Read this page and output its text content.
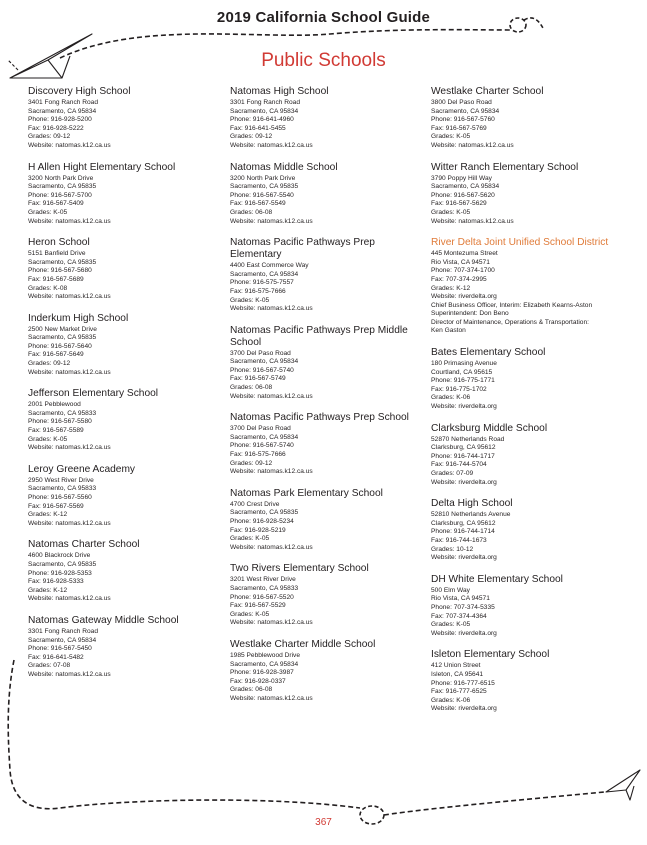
2019 California School Guide
Public Schools
Discovery High School
3401 Fong Ranch Road
Sacramento, CA 95834
Phone: 916-928-5200
Fax: 916-928-5222
Grades: 09-12
Website: natomas.k12.ca.us
H Allen Hight Elementary School
3200 North Park Drive
Sacramento, CA 95835
Phone: 916-567-5700
Fax: 916-567-5409
Grades: K-05
Website: natomas.k12.ca.us
Heron School
5151 Banfield Drive
Sacramento, CA 95835
Phone: 916-567-5680
Fax: 916-567-5689
Grades: K-08
Website: natomas.k12.ca.us
Inderkum High School
2500 New Market Drive
Sacramento, CA 95835
Phone: 916-567-5640
Fax: 916-567-5649
Grades: 09-12
Website: natomas.k12.ca.us
Jefferson Elementary School
2001 Pebblewood
Sacramento, CA 95833
Phone: 916-567-5580
Fax: 916-567-5589
Grades: K-05
Website: natomas.k12.ca.us
Leroy Greene Academy
2950 West River Drive
Sacramento, CA 95833
Phone: 916-567-5560
Fax: 916-567-5569
Grades: K-12
Website: natomas.k12.ca.us
Natomas Charter School
4600 Blackrock Drive
Sacramento, CA 95835
Phone: 916-928-5353
Fax: 916-928-5333
Grades: K-12
Website: natomas.k12.ca.us
Natomas Gateway Middle School
3301 Fong Ranch Road
Sacramento, CA 95834
Phone: 916-567-5450
Fax: 916-641-5482
Grades: 07-08
Website: natomas.k12.ca.us
Natomas High School
3301 Fong Ranch Road
Sacramento, CA 95834
Phone: 916-641-4960
Fax: 916-641-5455
Grades: 09-12
Website: natomas.k12.ca.us
Natomas Middle School
3200 North Park Drive
Sacramento, CA 95835
Phone: 916-567-5540
Fax: 916-567-5549
Grades: 06-08
Website: natomas.k12.ca.us
Natomas Pacific Pathways Prep Elementary
4400 East Commerce Way
Sacramento, CA 95834
Phone: 916-575-7557
Fax: 916-575-7666
Grades: K-05
Website: natomas.k12.ca.us
Natomas Pacific Pathways Prep Middle School
3700 Del Paso Road
Sacramento, CA 95834
Phone: 916-567-5740
Fax: 916-567-5749
Grades: 06-08
Website: natomas.k12.ca.us
Natomas Pacific Pathways Prep School
3700 Del Paso Road
Sacramento, CA 95834
Phone: 916-567-5740
Fax: 916-575-7666
Grades: 09-12
Website: natomas.k12.ca.us
Natomas Park Elementary School
4700 Crest Drive
Sacramento, CA 95835
Phone: 916-928-5234
Fax: 916-928-5219
Grades: K-05
Website: natomas.k12.ca.us
Two Rivers Elementary School
3201 West River Drive
Sacramento, CA 95833
Phone: 916-567-5520
Fax: 916-567-5529
Grades: K-05
Website: natomas.k12.ca.us
Westlake Charter Middle School
1985 Pebblewood Drive
Sacramento, CA 95834
Phone: 916-928-3987
Fax: 916-928-0337
Grades: 06-08
Website: natomas.k12.ca.us
Westlake Charter School
3800 Del Paso Road
Sacramento, CA 95834
Phone: 916-567-5760
Fax: 916-567-5769
Grades: K-05
Website: natomas.k12.ca.us
Witter Ranch Elementary School
3790 Poppy Hill Way
Sacramento, CA 95834
Phone: 916-567-5620
Fax: 916-567-5629
Grades: K-05
Website: natomas.k12.ca.us
River Delta Joint Unified School District
445 Montezuma Street
Rio Vista, CA 94571
Phone: 707-374-1700
Fax: 707-374-2995
Grades: K-12
Website: riverdelta.org
Chief Business Officer, Interim: Elizabeth Kearns-Aston
Superintendent: Don Beno
Director of Maintenance, Operations & Transportation:
Ken Gaston
Bates Elementary School
180 Primasing Avenue
Courtland, CA 95615
Phone: 916-775-1771
Fax: 916-775-1702
Grades: K-06
Website: riverdelta.org
Clarksburg Middle School
52870 Netherlands Road
Clarksburg, CA 95612
Phone: 916-744-1717
Fax: 916-744-5704
Grades: 07-09
Website: riverdelta.org
Delta High School
52810 Netherlands Avenue
Clarksburg, CA 95612
Phone: 916-744-1714
Fax: 916-744-1673
Grades: 10-12
Website: riverdelta.org
DH White Elementary School
500 Elm Way
Rio Vista, CA 94571
Phone: 707-374-5335
Fax: 707-374-4364
Grades: K-05
Website: riverdelta.org
Isleton Elementary School
412 Union Street
Isleton, CA 95641
Phone: 916-777-6515
Fax: 916-777-6525
Grades: K-06
Website: riverdelta.org
367
